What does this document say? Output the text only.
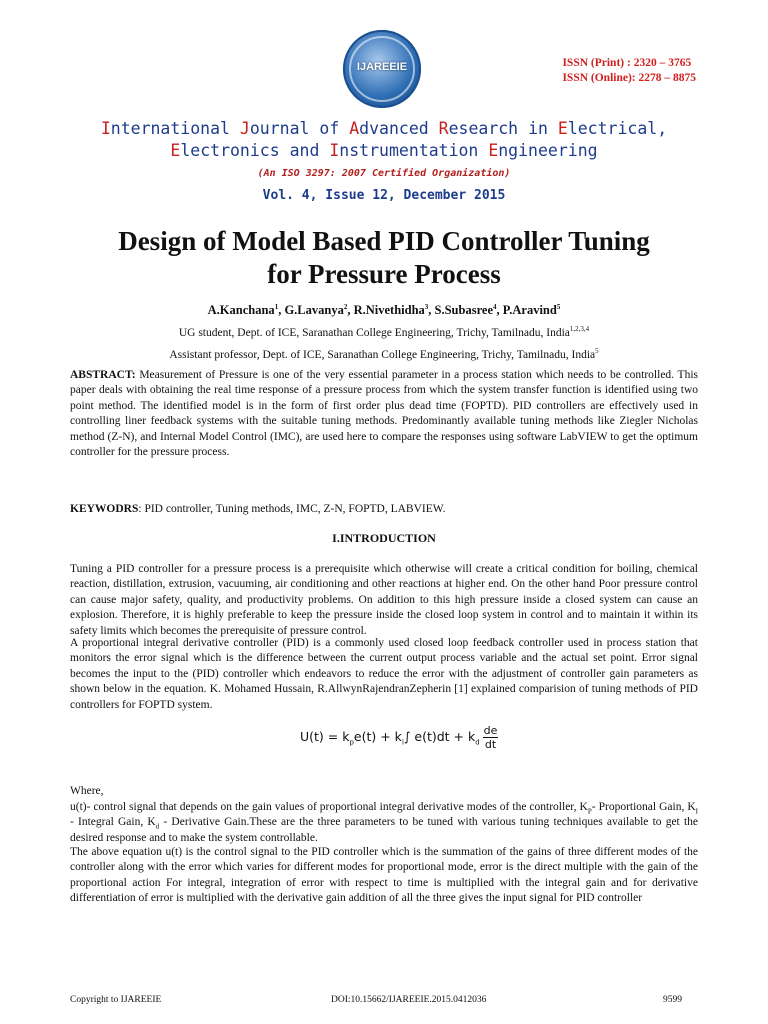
IJAREEIE	ISSN (Print) : 2320 – 3765
ISSN (Online): 2278 – 8875
International Journal of Advanced Research in Electrical,
Electronics and Instrumentation Engineering
(An ISO 3297: 2007 Certified Organization)
Vol. 4, Issue 12, December 2015
Design of Model Based PID Controller Tuning
for Pressure Process
A.Kanchana$^1$, G.Lavanya$^2$, R.Nivethidha$^3$, S.Subasree$^4$, P.Aravind$^5$
UG student, Dept. of ICE, Saranathan College Engineering, Trichy, Tamilnadu, India$^{1,2,3,4}$
Assistant professor, Dept. of ICE, Saranathan College Engineering, Trichy, Tamilnadu, India$^5$
ABSTRACT: Measurement of Pressure is one of the very essential parameter in a process station which needs to be controlled. This paper deals with obtaining the real time response of a pressure process from which the system transfer function is identified using two point method. The identified model is in the form of first order plus dead time (FOPTD). PID controllers are effectively used in controlling liner feedback systems with the suitable tuning methods. Predominantly available tuning methods like Ziegler Nicholas method (Z-N), and Internal Model Control (IMC), are used here to compare the responses using software LabVIEW to get the optimum controller for the pressure process.
KEYWODRS: PID controller, Tuning methods, IMC, Z-N, FOPTD, LABVIEW.
I.INTRODUCTION
Tuning a PID controller for a pressure process is a prerequisite which otherwise will create a critical condition for boiling, chemical reaction, distillation, extrusion, vacuuming, air conditioning and other reactions at higher end. On the other hand Poor pressure control can cause major safety, quality, and productivity problems. On addition to this high pressure inside a closed system can cause an explosion. Therefore, it is highly preferable to keep the pressure inside the closed loop system in control and to maintain it within its safety limits which becomes the prerequisite of pressure control.
A proportional integral derivative controller (PID) is a commonly used closed loop feedback controller used in process station that monitors the error signal which is the difference between the current output process variable and the actual set point. Error signal becomes the input to the (PID) controller which endeavors to reduce the error with the adjustment of controller gain parameters as shown below in the equation. K. Mohamed Hussain, R.AllwynRajendranZepherin [1] explained comparision of tuning methods of PID controllers for FOPTD system.
$U(t) = k_pe(t) + k_i\int$ $e(t)dt + k_d \frac{de}{dt}$
Where,
u(t)- control signal that depends on the gain values of proportional integral derivative modes of the controller, $K_P-$ Proportional Gain, $K_I$ - Integral Gain, $K_d$ - Derivative Gain.These are the three parameters to be tuned with various tuning techniques available to get the desired response and to make the system controllable.
The above equation u(t) is the control signal to the PID controller which is the summation of the gains of three different modes of the controller along with the error which varies for different modes for proportional mode, error is the direct multiple with the gain of the proportional action For integral, integration of error with respect to time is multiplied with the integral gain and for derivative differentiation of error is multiplied with the derivative gain addition of all the three gives the input signal for PID controller
Copyright to IJAREEIE	DOI:10.15662/IJAREEIE.2015.0412036	9599
